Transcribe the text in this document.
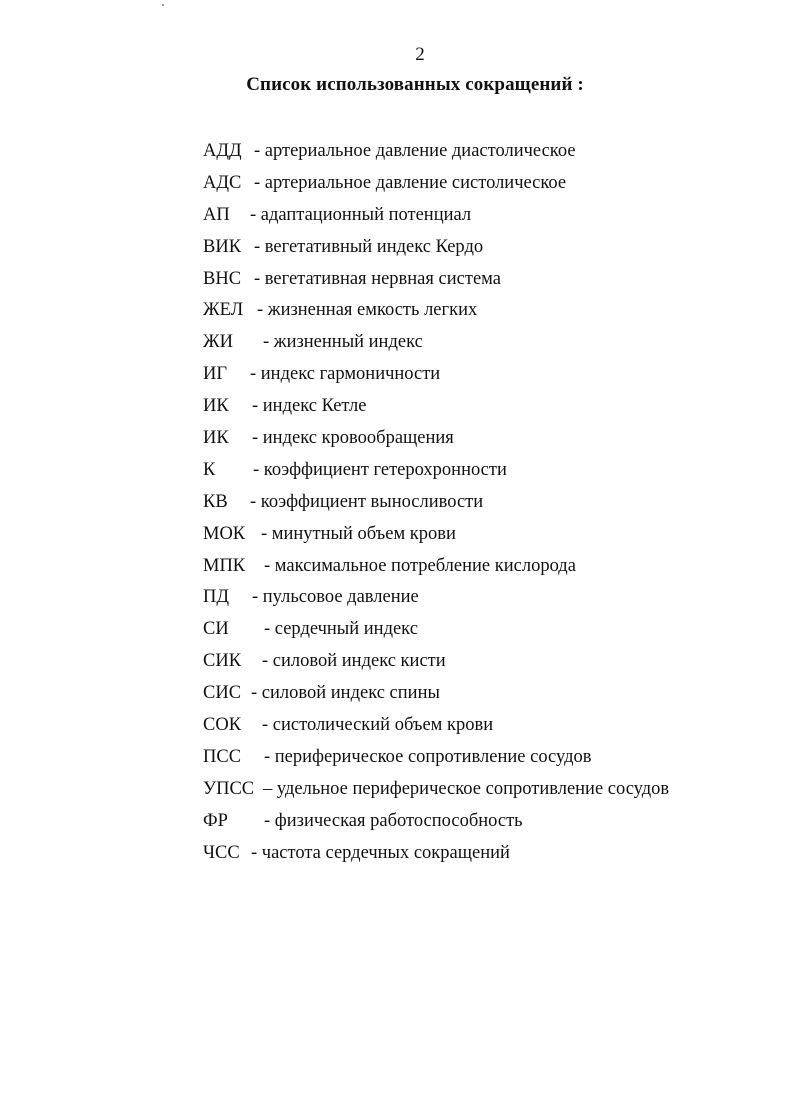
2
Список использованных сокращений :
АДД - артериальное давление диастолическое
АДС - артериальное давление систолическое
АП - адаптационный потенциал
ВИК - вегетативный индекс Кердо
ВНС - вегетативная нервная система
ЖЕЛ - жизненная емкость легких
ЖИ - жизненный индекс
ИГ - индекс гармоничности
ИК - индекс Кетле
ИК - индекс кровообращения
К - коэффициент гетерохронности
КВ - коэффициент выносливости
МОК - минутный объем крови
МПК - максимальное потребление кислорода
ПД - пульсовое давление
СИ - сердечный индекс
СИК - силовой индекс кисти
СИС - силовой индекс спины
СОК - систолический объем крови
ПСС - периферическое сопротивление сосудов
УПСС – удельное периферическое сопротивление сосудов
ФР - физическая работоспособность
ЧСС - частота сердечных сокращений
